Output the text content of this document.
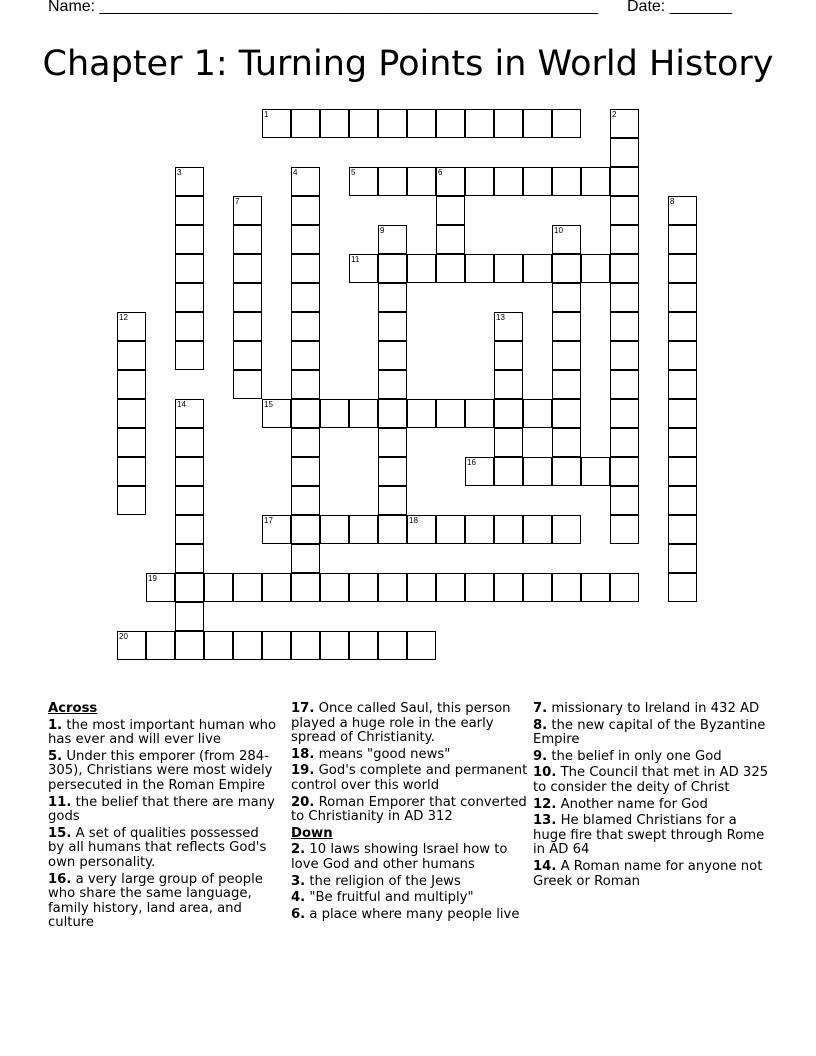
Name: ________________________________________________________ Date: _______
Chapter 1: Turning Points in World History
1	2
3	4	5	6
7	8
9	10
11
12	13
14	15
16
17	18
19
20
Across
1. the most important human who has ever and will ever live
5. Under this emporer (from 284-305), Christians were most widely persecuted in the Roman Empire
11. the belief that there are many gods
15. A set of qualities possessed by all humans that reflects God's own personality.
16. a very large group of people who share the same language, family history, land area, and culture
17. Once called Saul, this person played a huge role in the early spread of Christianity.
18. means "good news"
19. God's complete and permanent control over this world
20. Roman Emporer that converted to Christianity in AD 312
Down
2. 10 laws showing Israel how to love God and other humans
3. the religion of the Jews
4. "Be fruitful and multiply"
6. a place where many people live
7. missionary to Ireland in 432 AD
8. the new capital of the Byzantine Empire
9. the belief in only one God
10. The Council that met in AD 325 to consider the deity of Christ
12. Another name for God
13. He blamed Christians for a huge fire that swept through Rome in AD 64
14. A Roman name for anyone not Greek or Roman
